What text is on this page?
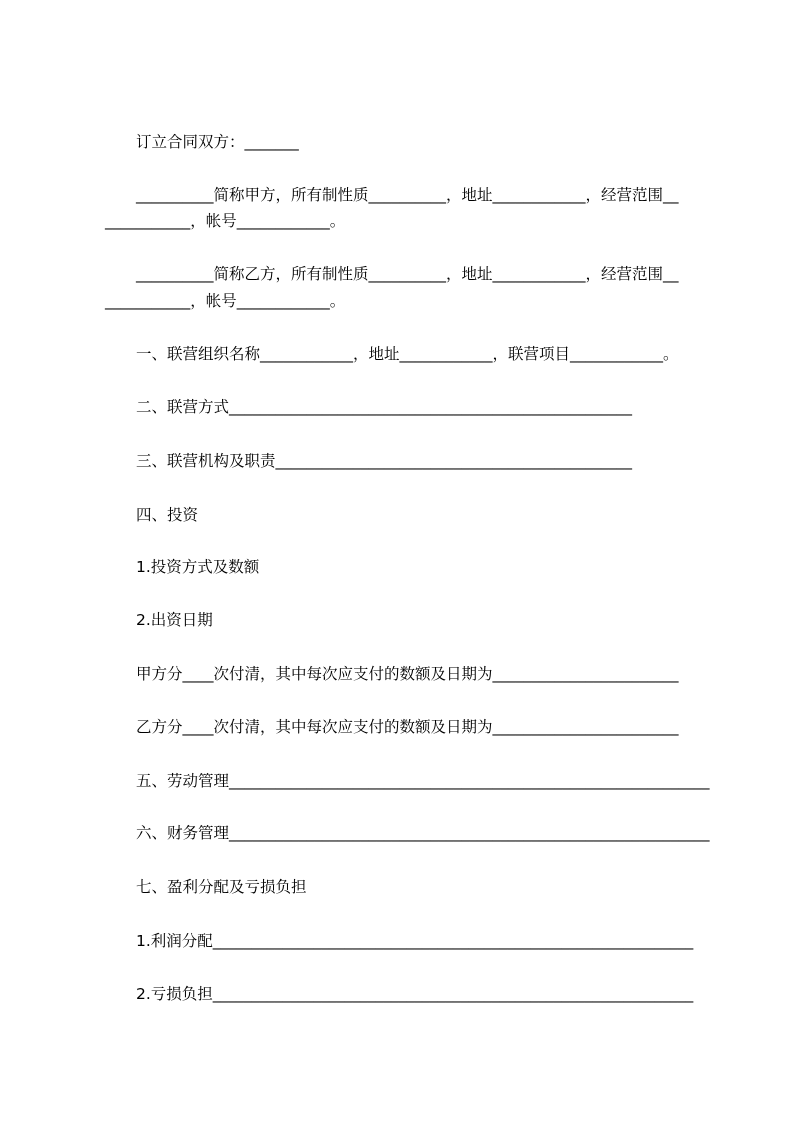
订立合同双方：_______
__________简称甲方，所有制性质__________，地址____________，经营范围__
___________，帐号____________。
__________简称乙方，所有制性质__________，地址____________，经营范围__
___________，帐号____________。
一、联营组织名称____________，地址____________，联营项目____________。
二、联营方式____________________________________________________
三、联营机构及职责______________________________________________
四、投资
1.投资方式及数额
2.出资日期
甲方分____次付清，其中每次应支付的数额及日期为________________________
乙方分____次付清，其中每次应支付的数额及日期为________________________
五、劳动管理______________________________________________________________
六、财务管理______________________________________________________________
七、盈利分配及亏损负担
1.利润分配______________________________________________________________
2.亏损负担______________________________________________________________
